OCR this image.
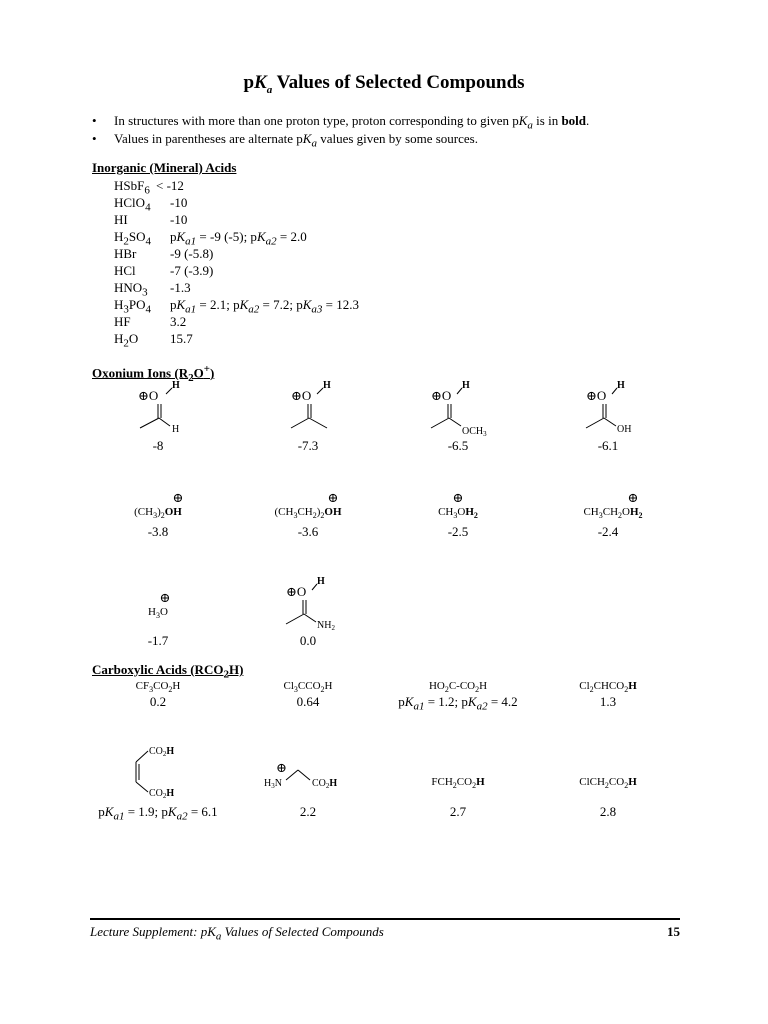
$pK_a$ Values of Selected Compounds
• In structures with more than one proton type, proton corresponding to given $pK_a$ is in bold.
• Values in parentheses are alternate $pK_a$ values given by some sources.
Inorganic (Mineral) Acids
HSbF$_6$ < -12
HClO$_4$	-10
HI	-10
$H_2SO_4$	$pK_{a1} = -9$ (-5); $pK_{a2} = 2.0$
HBr	-9 (-5.8)
HCl	-7 (-3.9)
$HNO_3$	-1.3
$H_3PO_4$	$pK_{a1} = 2.1$; $pK_{a2} = 7.2$; $pK_{a3} = 12.3$
HF	3.2
$H_2O$	15.7
Oxonium Ions $(R_2O^+)$
⊕O
H
H
⊕O
H
⊕O
H
$OCH_3$
⊕O
H
OH
-8	-7.3	-6.5	-6.1
⊕
$(CH_3)_2OH$
⊕
$(CH_3CH_2)_2OH$
⊕
$CH_3OH_2$
⊕
$CH_3CH_2OH_2$
-3.8	-3.6	-2.5	-2.4
⊕
$H_3O$
⊕O
H
$NH_2$
-1.7	0.0
Carboxylic Acids $(RCO_2H)$
$CF_3CO_2H$	$Cl_3CCO_2H$	$HO_2C-CO_2H$	$Cl_2CHCO_2H$
0.2	0.64	$pK_{a1} = 1.2$; $pK_{a2} = 4.2$	1.3
$CO_2H$
$CO_2H$
⊕
$H_3N$	$CO_2H$	$FCH_2CO_2H$	$ClCH_2CO_2H$
$pK_{a1} = 1.9$; $pK_{a2} = 6.1$	2.2	2.7	2.8
Lecture Supplement: $pK_a$ Values of Selected Compounds	15
